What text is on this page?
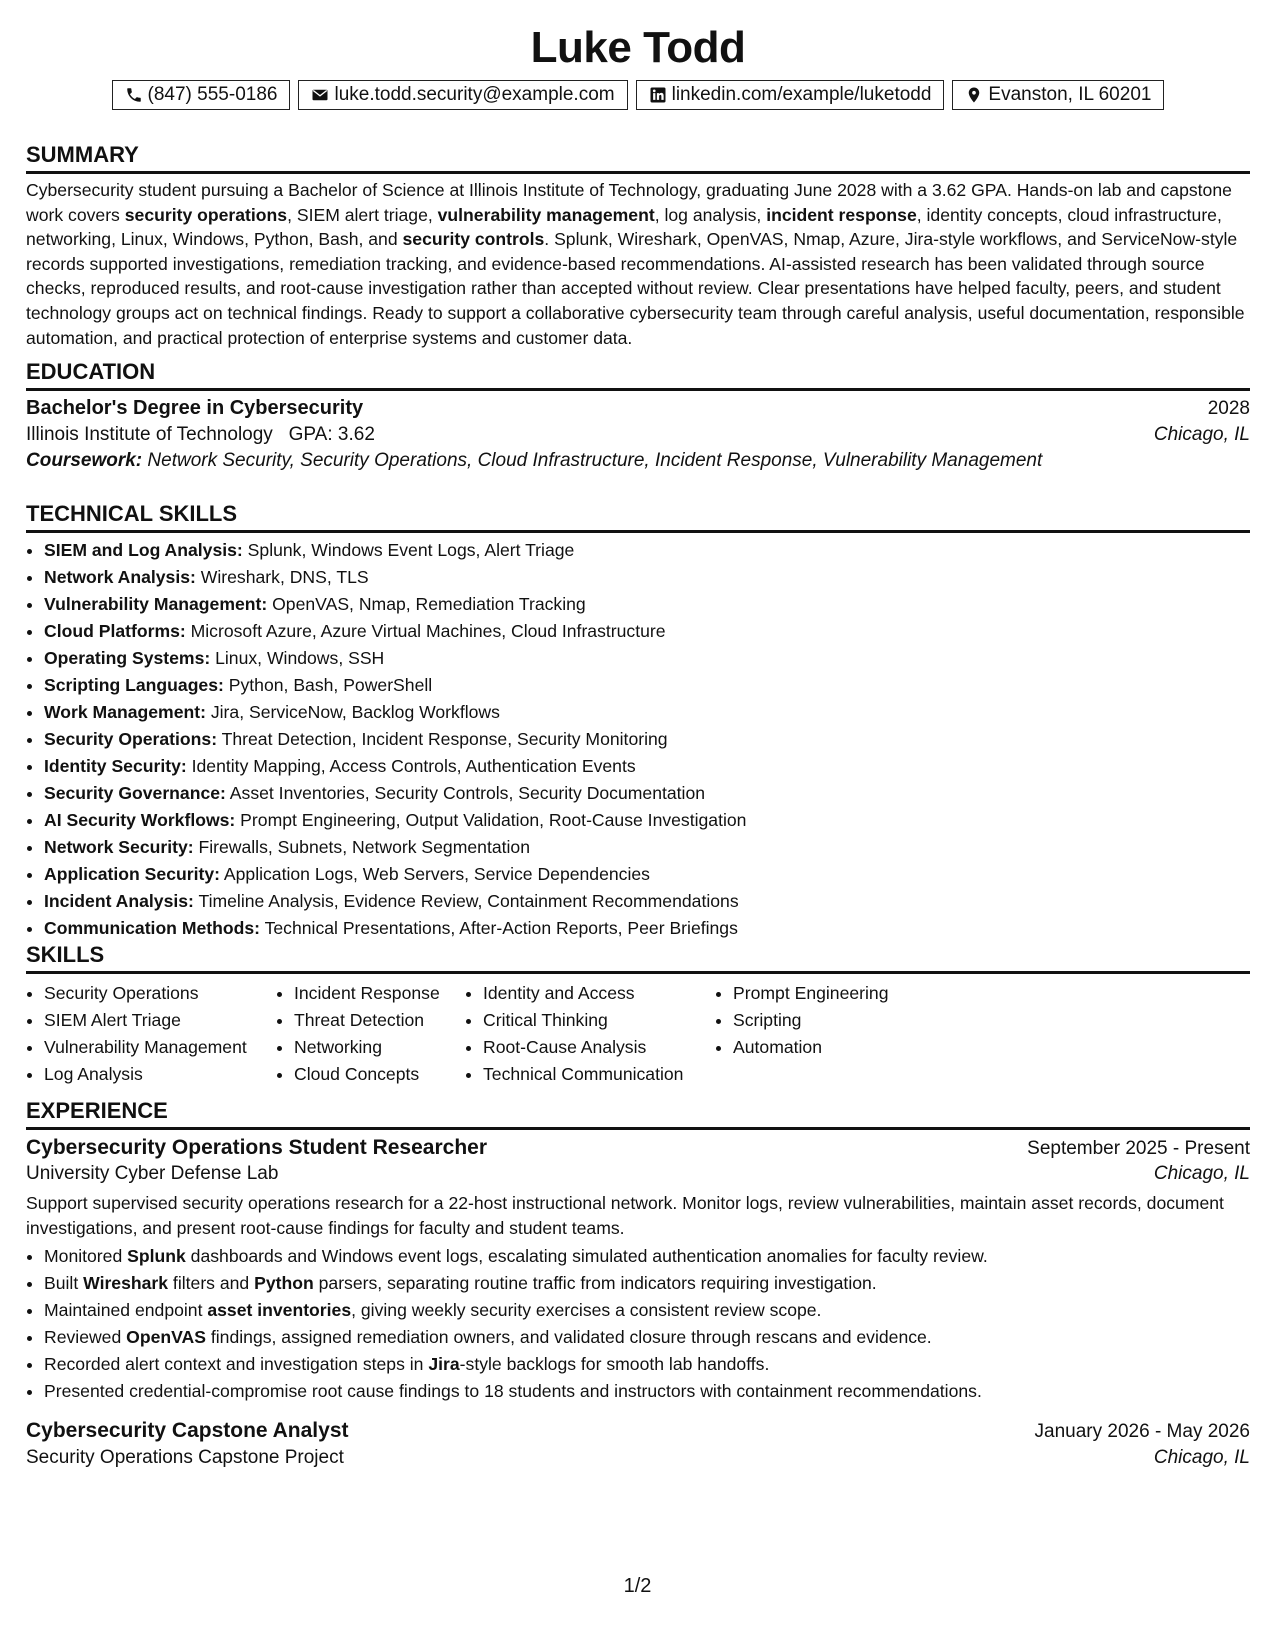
Luke Todd
(847) 555-0186	luke.todd.security@example.com	linkedin.com/example/luketodd	Evanston, IL 60201
SUMMARY

Cybersecurity student pursuing a Bachelor of Science at Illinois Institute of Technology, graduating June 2028 with a 3.62 GPA. Hands-on lab and capstone work covers security operations, SIEM alert triage, vulnerability management, log analysis, incident response, identity concepts, cloud infrastructure, networking, Linux, Windows, Python, Bash, and security controls. Splunk, Wireshark, OpenVAS, Nmap, Azure, Jira-style workflows, and ServiceNow-style records supported investigations, remediation tracking, and evidence-based recommendations. AI-assisted research has been validated through source checks, reproduced results, and root-cause investigation rather than accepted without review. Clear presentations have helped faculty, peers, and student technology groups act on technical findings. Ready to support a collaborative cybersecurity team through careful analysis, useful documentation, responsible automation, and practical protection of enterprise systems and customer data.

EDUCATION
Bachelor's Degree in Cybersecurity	2028
Illinois Institute of Technology GPA: 3.62	Chicago, IL
Coursework: Network Security, Security Operations, Cloud Infrastructure, Incident Response, Vulnerability Management
TECHNICAL SKILLS
• SIEM and Log Analysis: Splunk, Windows Event Logs, Alert Triage
• Network Analysis: Wireshark, DNS, TLS
• Vulnerability Management: OpenVAS, Nmap, Remediation Tracking
• Cloud Platforms: Microsoft Azure, Azure Virtual Machines, Cloud Infrastructure
• Operating Systems: Linux, Windows, SSH
• Scripting Languages: Python, Bash, PowerShell
• Work Management: Jira, ServiceNow, Backlog Workflows
• Security Operations: Threat Detection, Incident Response, Security Monitoring
• Identity Security: Identity Mapping, Access Controls, Authentication Events
• Security Governance: Asset Inventories, Security Controls, Security Documentation
• AI Security Workflows: Prompt Engineering, Output Validation, Root-Cause Investigation
• Network Security: Firewalls, Subnets, Network Segmentation
• Application Security: Application Logs, Web Servers, Service Dependencies
• Incident Analysis: Timeline Analysis, Evidence Review, Containment Recommendations
• Communication Methods: Technical Presentations, After-Action Reports, Peer Briefings
SKILLS
• Security Operations
• SIEM Alert Triage
• Vulnerability Management
• Log Analysis
• Incident Response
• Threat Detection
• Networking
• Cloud Concepts
• Identity and Access
• Critical Thinking
• Root-Cause Analysis
• Technical Communication
• Prompt Engineering
• Scripting
• Automation
EXPERIENCE
Cybersecurity Operations Student Researcher	September 2025 - Present
University Cyber Defense Lab	Chicago, IL

Support supervised security operations research for a 22-host instructional network. Monitor logs, review vulnerabilities, maintain asset records, document investigations, and present root-cause findings for faculty and student teams.

• Monitored Splunk dashboards and Windows event logs, escalating simulated authentication anomalies for faculty review.
• Built Wireshark filters and Python parsers, separating routine traffic from indicators requiring investigation.
• Maintained endpoint asset inventories, giving weekly security exercises a consistent review scope.
• Reviewed OpenVAS findings, assigned remediation owners, and validated closure through rescans and evidence.
• Recorded alert context and investigation steps in Jira-style backlogs for smooth lab handoffs.
• Presented credential-compromise root cause findings to 18 students and instructors with containment recommendations.
Cybersecurity Capstone Analyst	January 2026 - May 2026
Security Operations Capstone Project	Chicago, IL
1/2
